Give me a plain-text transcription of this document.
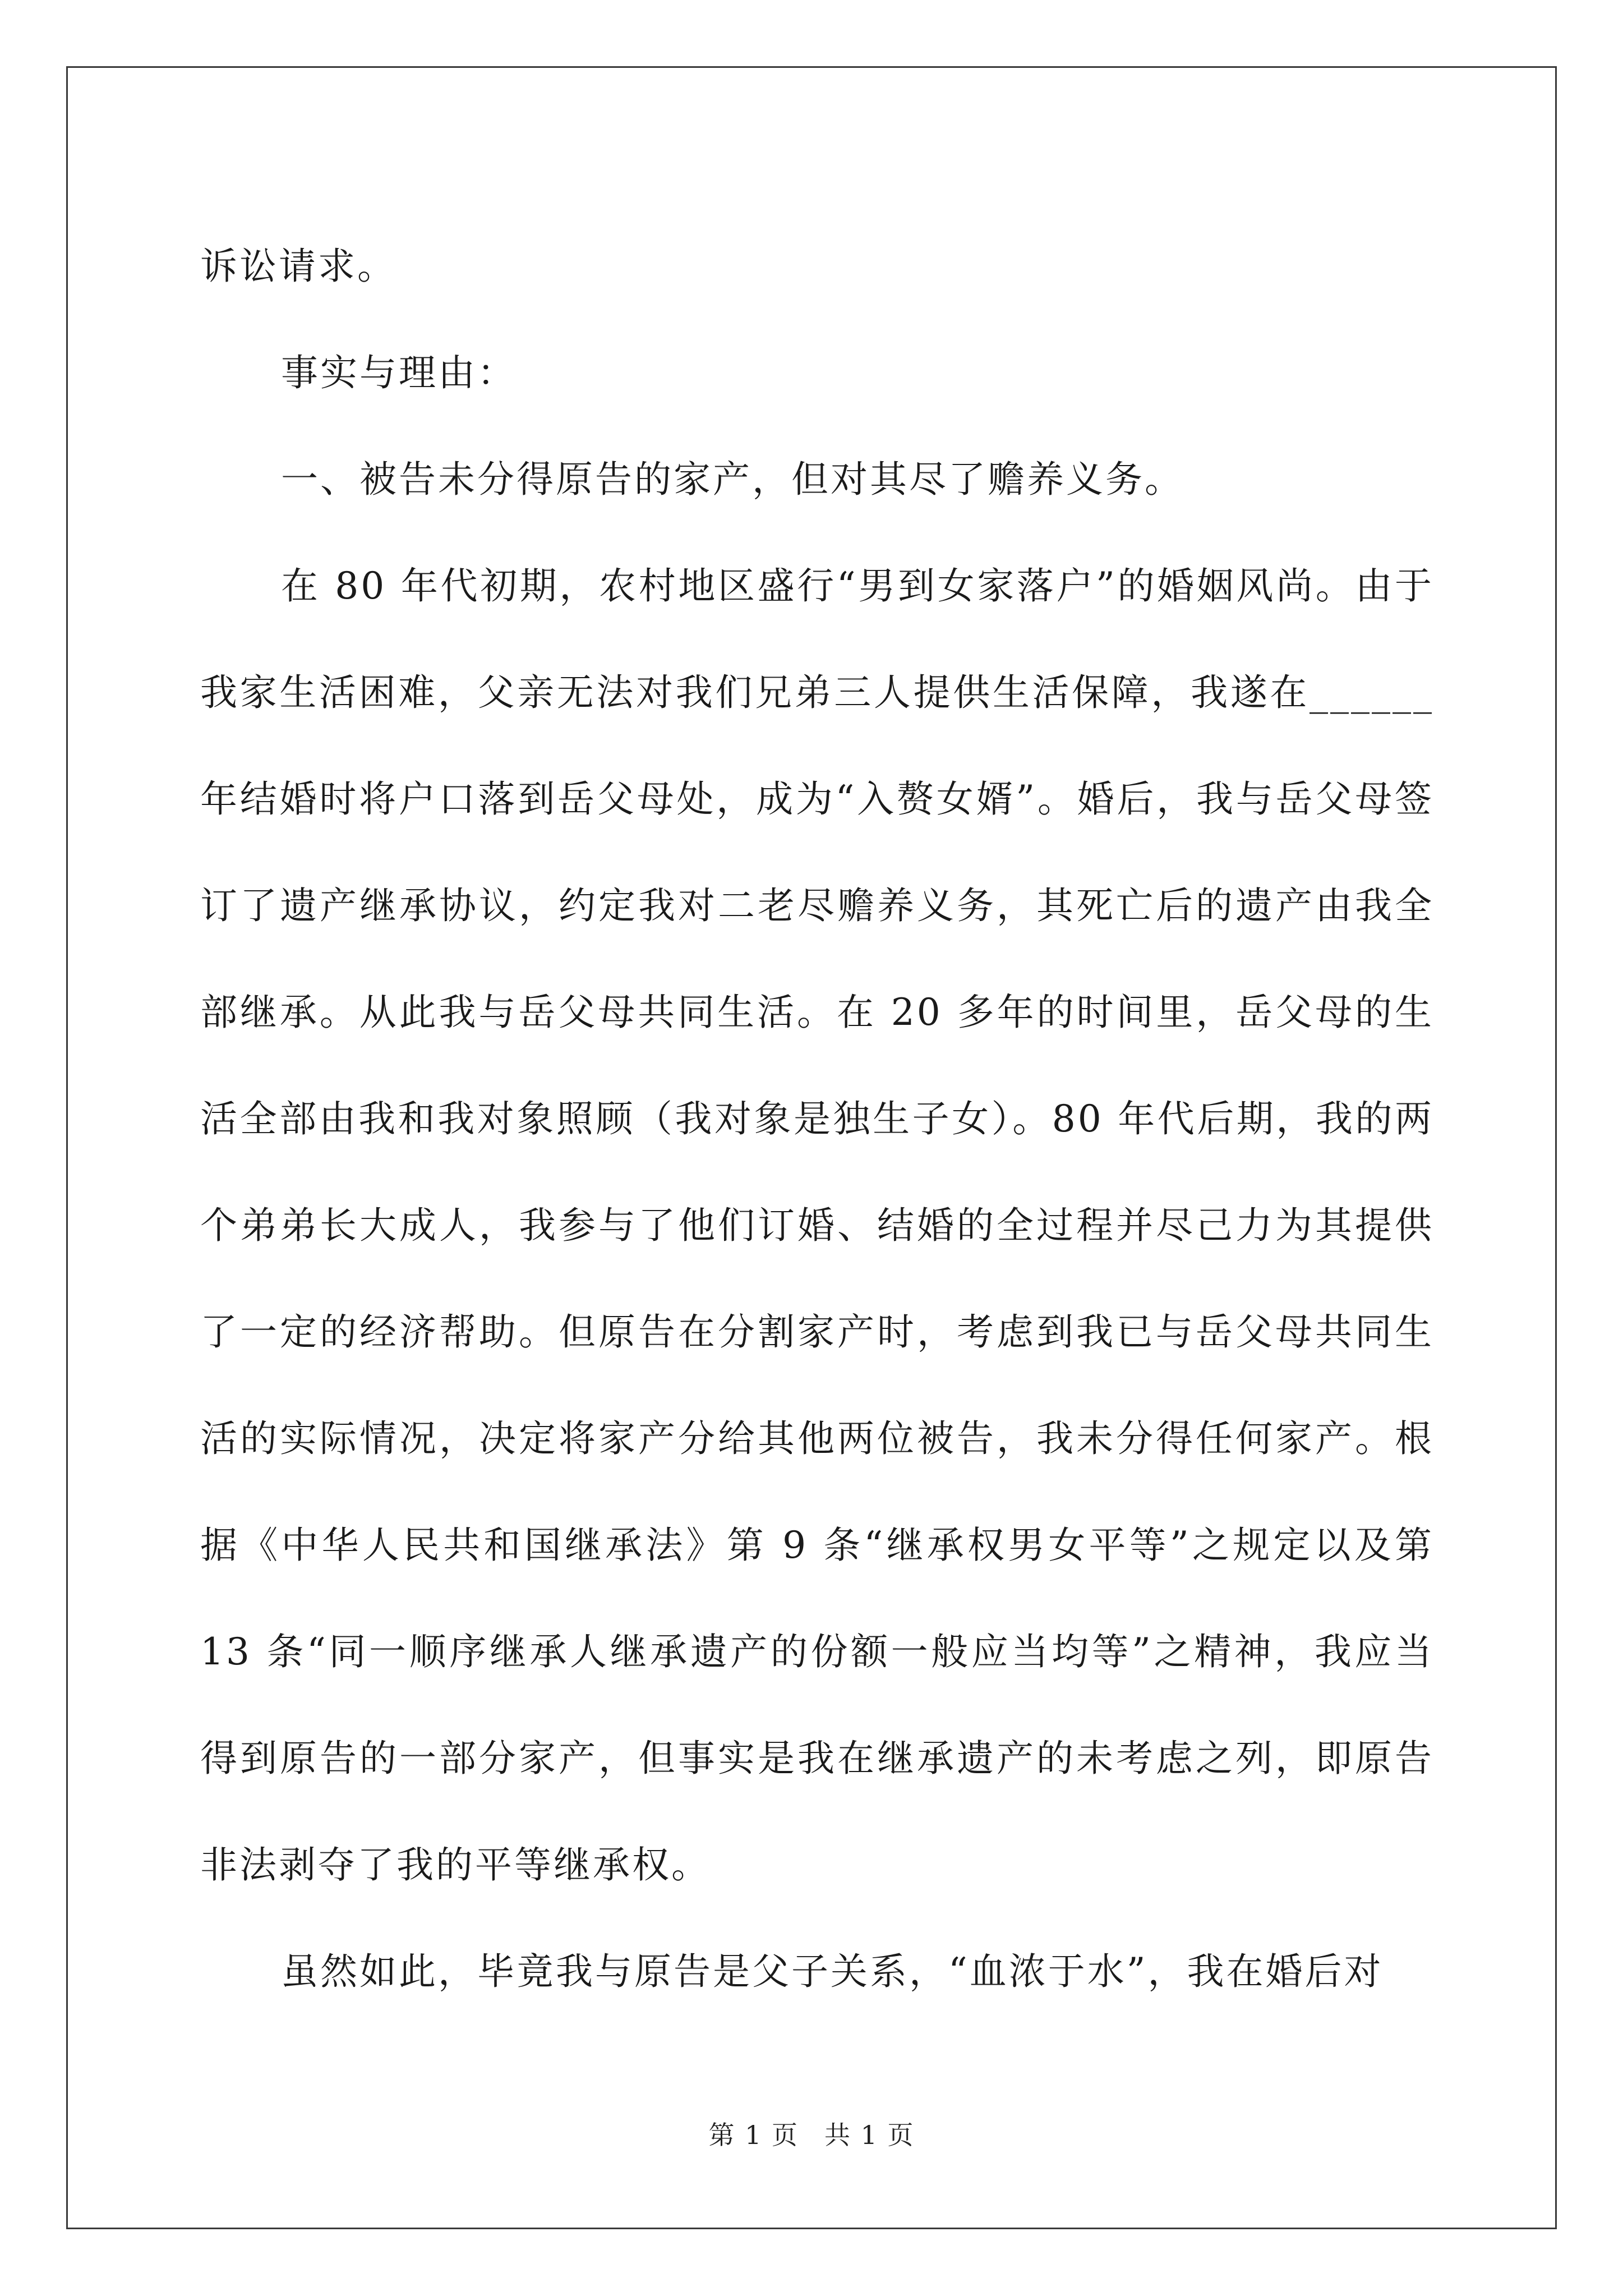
诉讼请求。

事实与理由：

一、被告未分得原告的家产，但对其尽了赡养义务。

在 80 年代初期，农村地区盛行“男到女家落户”的婚姻风尚。由于我家生活困难，父亲无法对我们兄弟三人提供生活保障，我遂在______年结婚时将户口落到岳父母处，成为“入赘女婿”。婚后，我与岳父母签订了遗产继承协议，约定我对二老尽赡养义务，其死亡后的遗产由我全部继承。从此我与岳父母共同生活。在 20 多年的时间里，岳父母的生活全部由我和我对象照顾（我对象是独生子女）。80 年代后期，我的两个弟弟长大成人，我参与了他们订婚、结婚的全过程并尽己力为其提供了一定的经济帮助。但原告在分割家产时，考虑到我已与岳父母共同生活的实际情况，决定将家产分给其他两位被告，我未分得任何家产。根据《中华人民共和国继承法》第 9 条“继承权男女平等”之规定以及第 13 条“同一顺序继承人继承遗产的份额一般应当均等”之精神，我应当得到原告的一部分家产，但事实是我在继承遗产的未考虑之列，即原告非法剥夺了我的平等继承权。

虽然如此，毕竟我与原告是父子关系，“血浓于水”，我在婚后对

第 1 页 共 1 页
